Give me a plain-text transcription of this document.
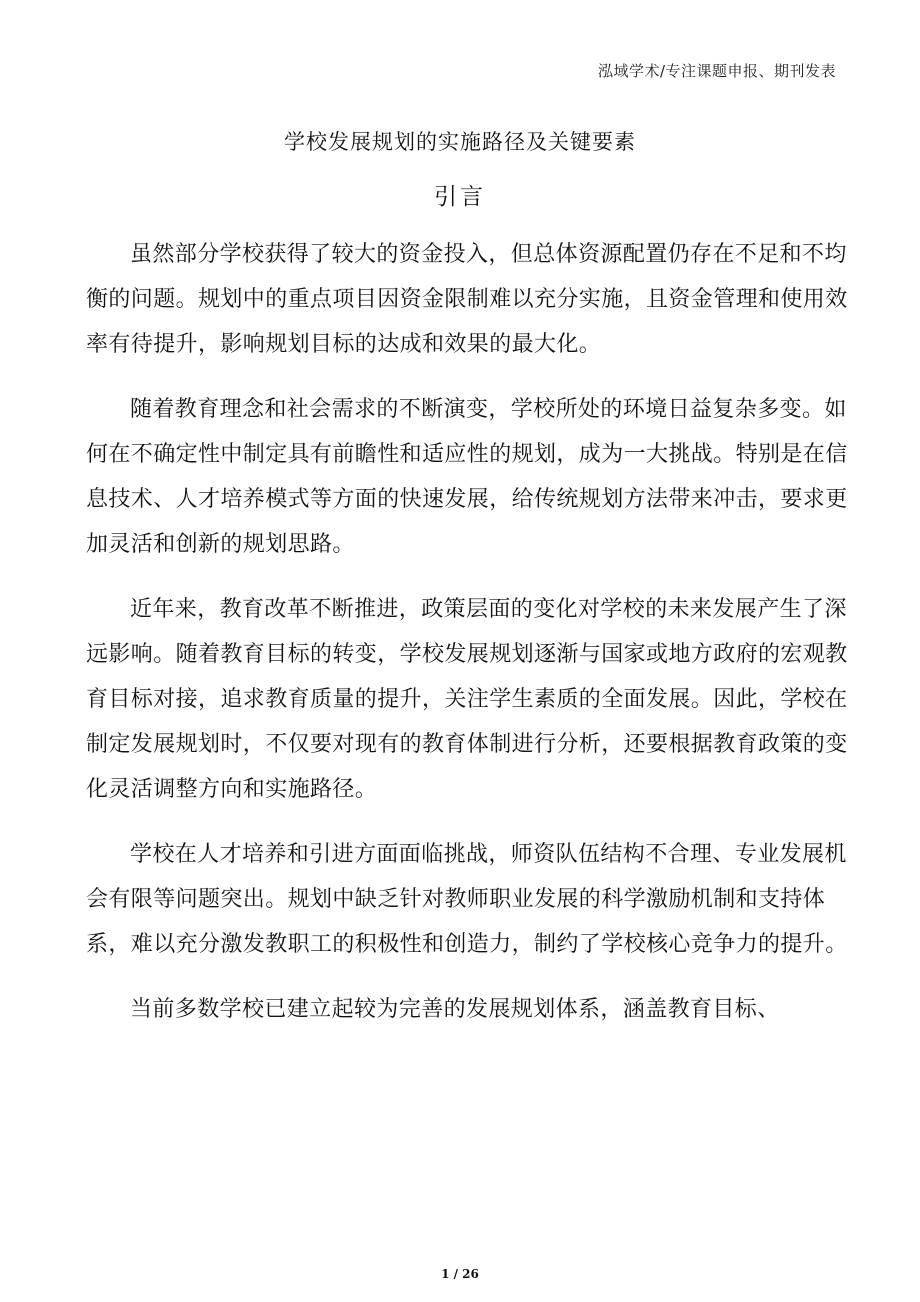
泓域学术/专注课题申报、期刊发表
学校发展规划的实施路径及关键要素
引言

虽然部分学校获得了较大的资金投入，但总体资源配置仍存在不足和不均衡的问题。规划中的重点项目因资金限制难以充分实施，且资金管理和使用效率有待提升，影响规划目标的达成和效果的最大化。

随着教育理念和社会需求的不断演变，学校所处的环境日益复杂多变。如何在不确定性中制定具有前瞻性和适应性的规划，成为一大挑战。特别是在信息技术、人才培养模式等方面的快速发展，给传统规划方法带来冲击，要求更加灵活和创新的规划思路。

近年来，教育改革不断推进，政策层面的变化对学校的未来发展产生了深远影响。随着教育目标的转变，学校发展规划逐渐与国家或地方政府的宏观教育目标对接，追求教育质量的提升，关注学生素质的全面发展。因此，学校在制定发展规划时，不仅要对现有的教育体制进行分析，还要根据教育政策的变化灵活调整方向和实施路径。

学校在人才培养和引进方面面临挑战，师资队伍结构不合理、专业发展机会有限等问题突出。规划中缺乏针对教师职业发展的科学激励机制和支持体系，难以充分激发教职工的积极性和创造力，制约了学校核心竞争力的提升。

当前多数学校已建立起较为完善的发展规划体系，涵盖教育目标、

1 / 26
